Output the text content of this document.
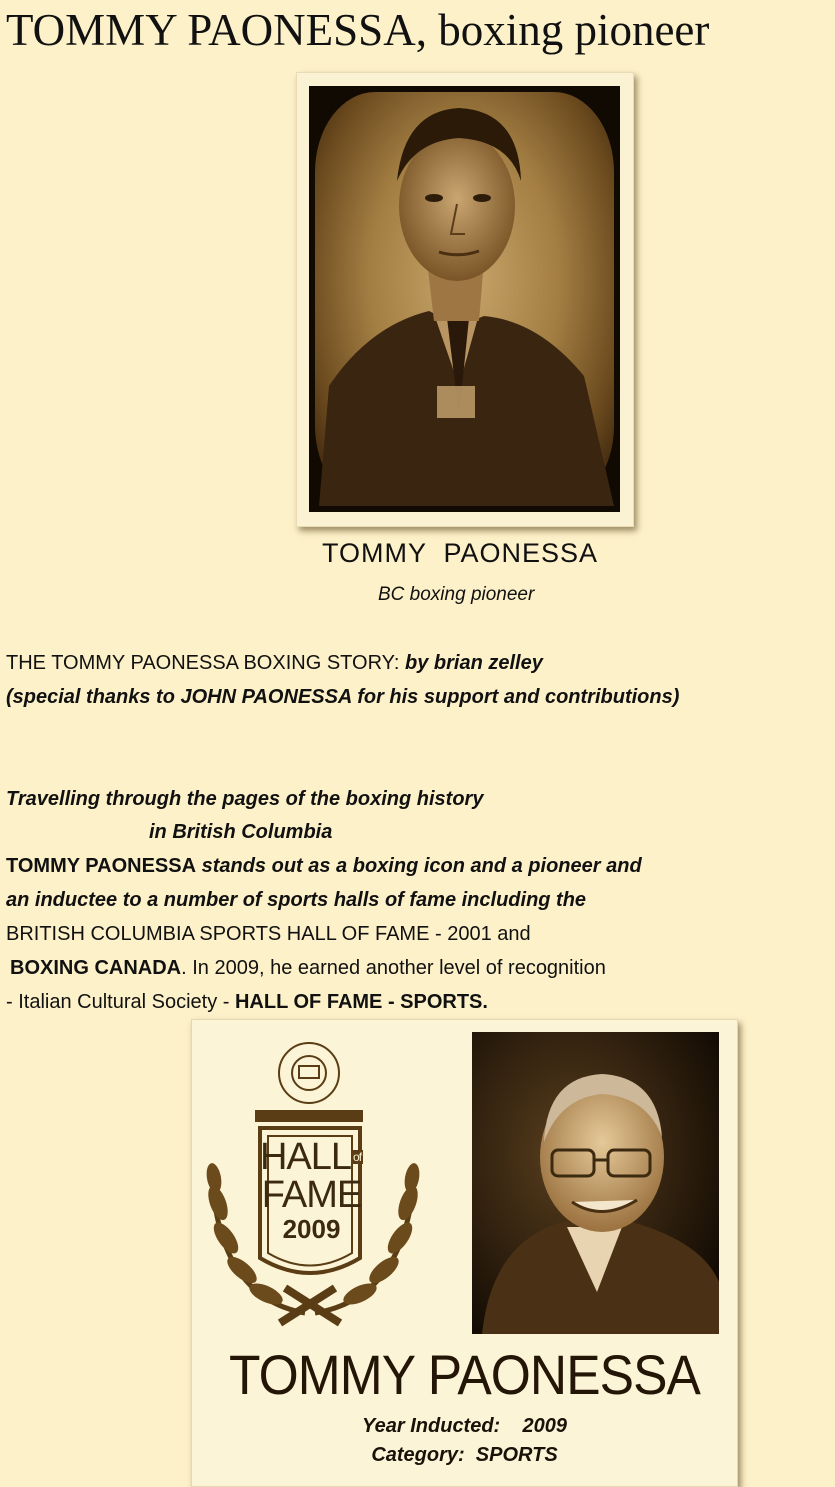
TOMMY PAONESSA, boxing pioneer
TOMMY  PAONESSA
BC boxing pioneer
THE TOMMY PAONESSA BOXING STORY: by brian zelley
(special thanks to JOHN PAONESSA for his support and contributions)
Travelling through the pages of the boxing history
in British Columbia
TOMMY PAONESSA stands out as a boxing icon and a pioneer and
an inductee to a number of sports halls of fame including the
BRITISH COLUMBIA SPORTS HALL OF FAME - 2001 and
BOXING CANADA. In 2009, he earned another level of recognition
- Italian Cultural Society - HALL OF FAME - SPORTS.
HALL $^{of}$
FAME
2009
TOMMY PAONESSA
Year Inducted:    2009
Category:  SPORTS
